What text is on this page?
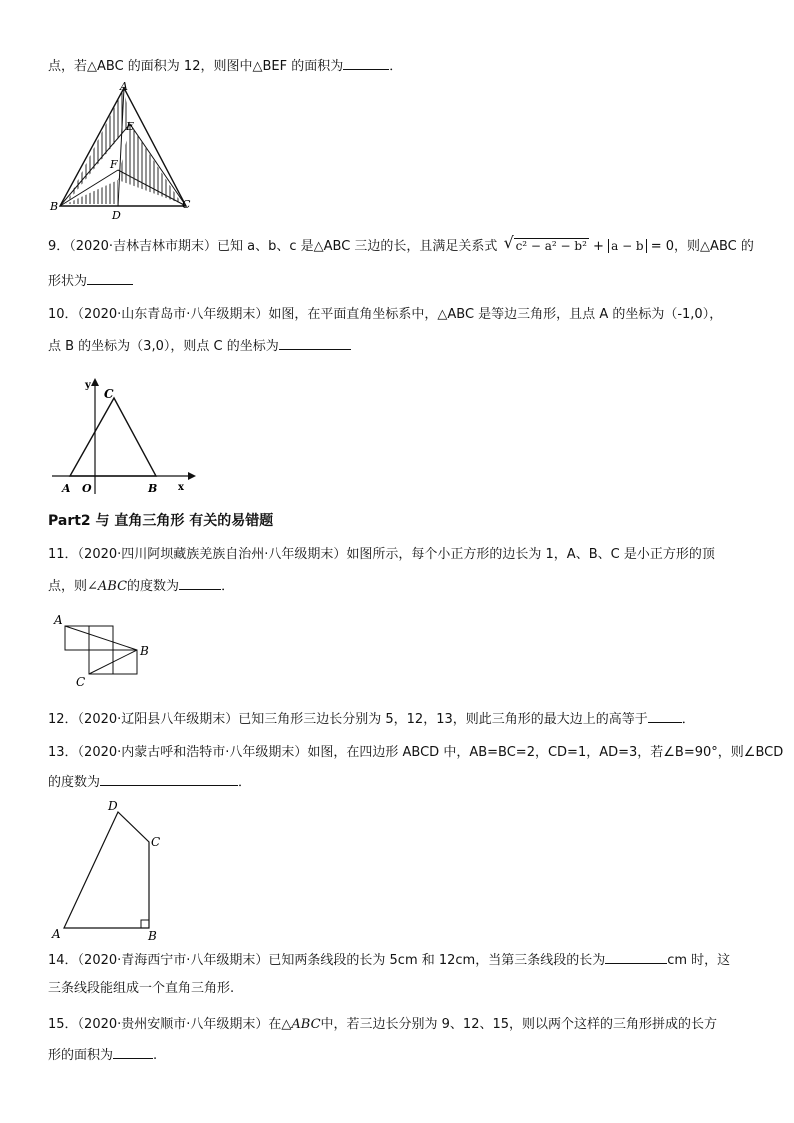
点，若△ABC 的面积为 12，则图中△BEF 的面积为	．
A
E
F
B	C
D
9．（2020·吉林吉林市期末）已知 a、b、c 是△ABC 三边的长，且满足关系式 √ c² − a² − b² + a − b = 0，则△ABC 的
形状为
10．（2020·山东青岛市·八年级期末）如图，在平面直角坐标系中，△ABC 是等边三角形，且点 A 的坐标为（-1,0），
点 B 的坐标为（3,0），则点 C 的坐标为
y
C
A O	B x
Part2 与 直角三角形 有关的易错题
11．（2020·四川阿坝藏族羌族自治州·八年级期末）如图所示，每个小正方形的边长为 1，A、B、C 是小正方形的顶
点，则∠ABC的度数为	．
A
B
C
12．（2020·辽阳县八年级期末）已知三角形三边长分别为 5，12，13，则此三角形的最大边上的高等于	．
13．（2020·内蒙古呼和浩特市·八年级期末）如图，在四边形 ABCD 中，AB=BC=2，CD=1，AD=3，若∠B=90°，则∠BCD
的度数为	．
D
C
A	B
14．（2020·青海西宁市·八年级期末）已知两条线段的长为 5cm 和 12cm，当第三条线段的长为	cm 时，这
三条线段能组成一个直角三角形.
15．（2020·贵州安顺市·八年级期末）在△ABC中，若三边长分别为 9、12、15，则以两个这样的三角形拼成的长方
形的面积为	.
